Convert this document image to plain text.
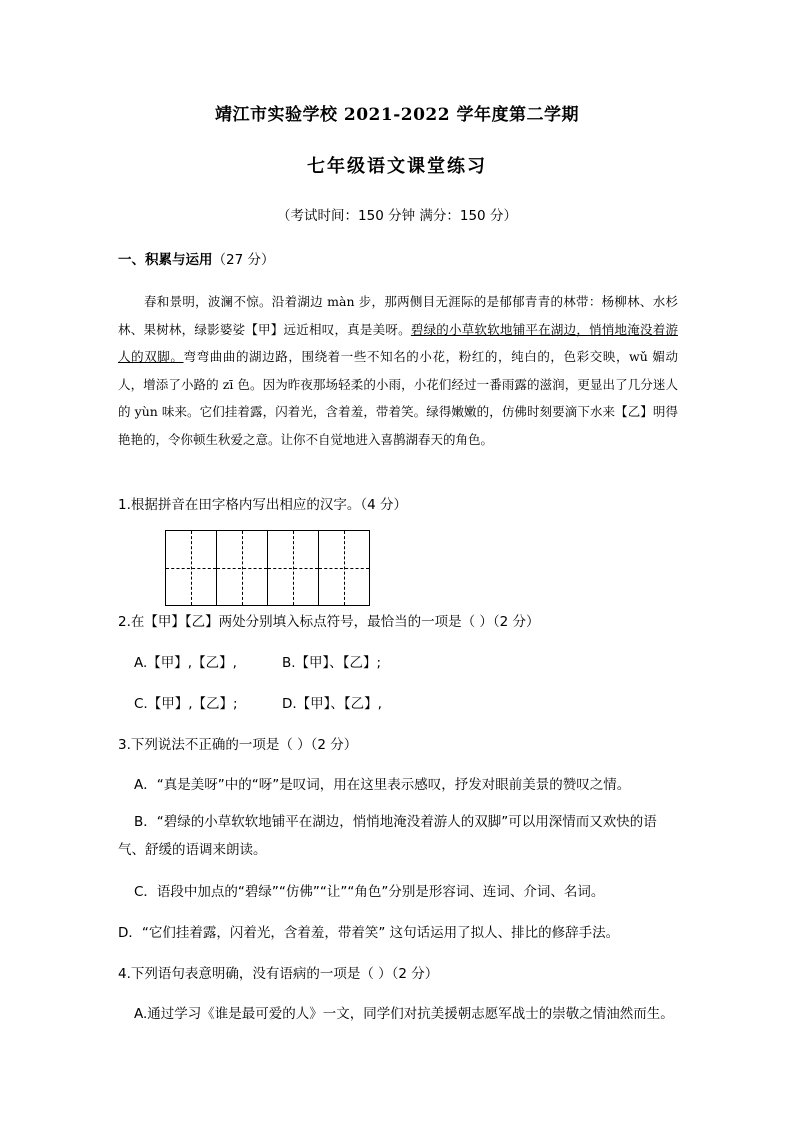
靖江市实验学校 2021-2022 学年度第二学期
七年级语文课堂练习
（考试时间：150 分钟 满分：150 分）
一、积累与运用（27 分）
春和景明，波澜不惊。沿着湖边 màn 步，那两侧目无涯际的是郁郁青青的林带：杨柳林、水杉林、果树林，绿影婆娑【甲】远近相叹，真是美呀。碧绿的小草软软地铺平在湖边，悄悄地淹没着游人的双脚。弯弯曲曲的湖边路，围绕着一些不知名的小花，粉红的，纯白的，色彩交映，wǔ 媚动人，增添了小路的 zī 色。因为昨夜那场轻柔的小雨，小花们经过一番雨露的滋润，更显出了几分迷人的 yùn 味来。它们挂着露，闪着光，含着羞，带着笑。绿得嫩嫩的，仿佛时刻要滴下水来【乙】明得艳艳的，令你顿生秋爱之意。让你不自觉地进入喜鹊湖春天的角色。
1.根据拼音在田字格内写出相应的汉字。（4 分）
2.在【甲】【乙】两处分别填入标点符号，最恰当的一项是（ ）（2 分）
A.【甲】,【乙】,	B.【甲】、【乙】;
C.【甲】,【乙】;	D.【甲】、【乙】,
3.下列说法不正确的一项是（ ）（2 分）
A．“真是美呀”中的“呀”是叹词，用在这里表示感叹，抒发对眼前美景的赞叹之情。
B．“碧绿的小草软软地铺平在湖边，悄悄地淹没着游人的双脚”可以用深情而又欢快的语气、舒缓的语调来朗读。
C．语段中加点的“碧绿”“仿佛”“让”“角色”分别是形容词、连词、介词、名词。
D．“它们挂着露，闪着光，含着羞，带着笑” 这句话运用了拟人、排比的修辞手法。
4.下列语句表意明确，没有语病的一项是（ ）（2 分）
A.通过学习《谁是最可爱的人》一文，同学们对抗美援朝志愿军战士的崇敬之情油然而生。
